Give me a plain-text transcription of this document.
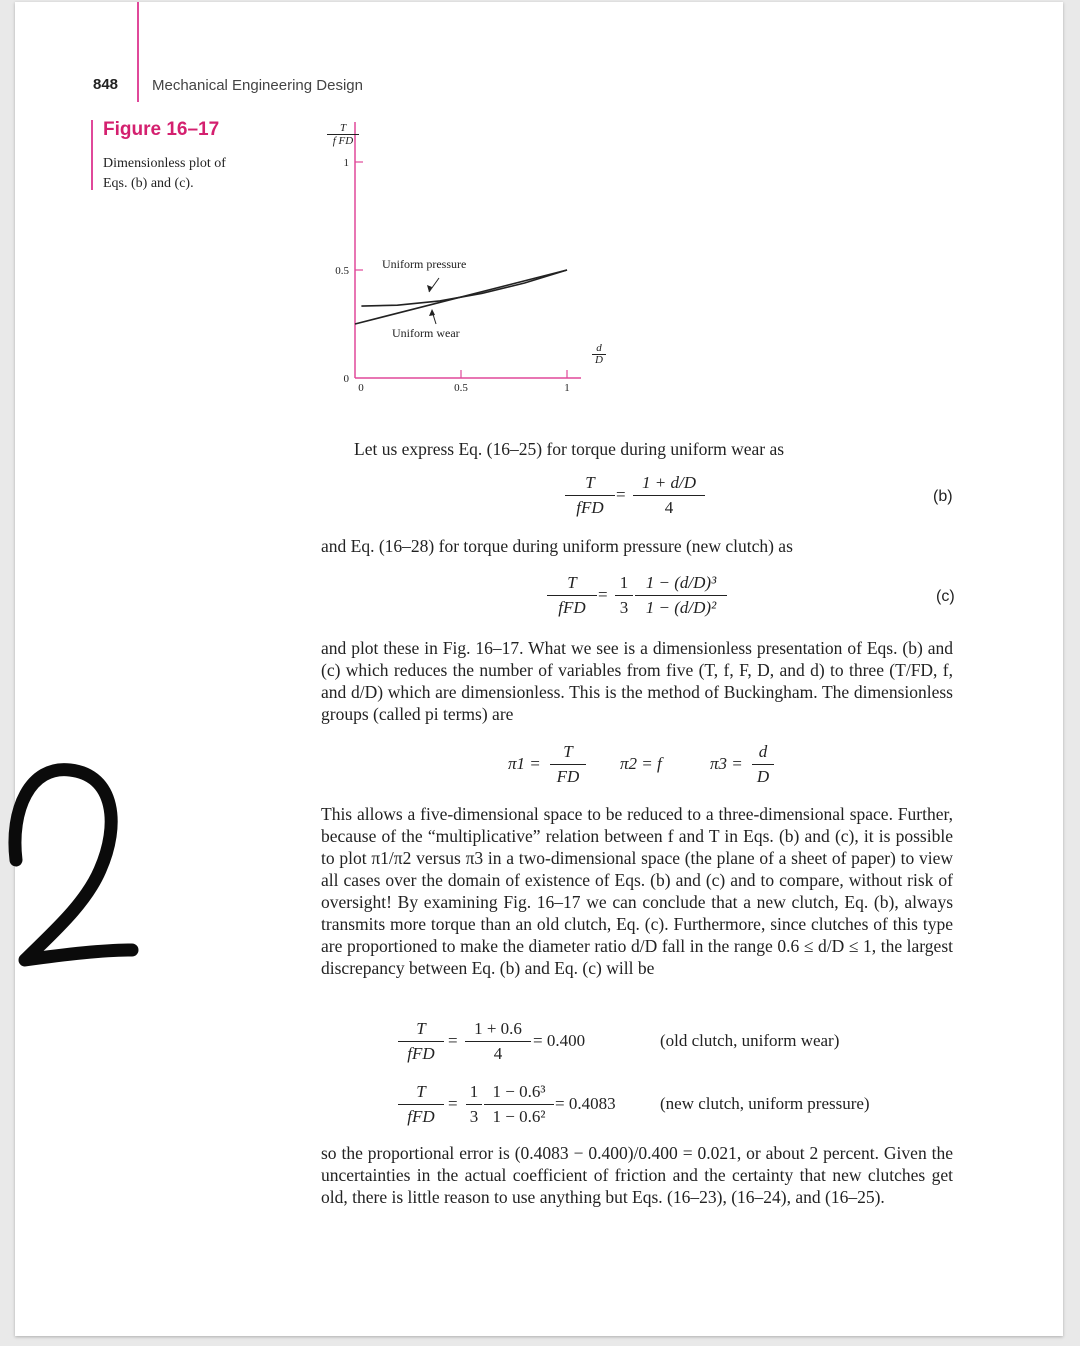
848 Mechanical Engineering Design
Figure 16–17
Dimensionless plot of
Eqs. (b) and (c).
0
0.5
1
0	0.5	1
$\frac{T}{\text{f FD}}$
$\frac{d}{D}$
Uniform pressure
Uniform wear
Let us express Eq. (16–25) for torque during uniform wear as
T
fFD
= $\frac{1 + d/D}{4}$	(b)
and Eq. (16–28) for torque during uniform pressure (new clutch) as
T
fFD
= $\frac{1}{3} \frac{\text{1 − (d/D)³}}{\text{1 − (d/D)²}}$	(c)
and plot these in Fig. 16–17. What we see is a dimensionless presentation of Eqs. (b) and (c) which reduces the number of variables from five (T, f, F, D, and d) to three (T/FD, f, and d/D) which are dimensionless. This is the method of Buckingham. The dimensionless groups (called pi terms) are
$\pi 1 = \frac{T}{FD} \pi 2 = f$	$\pi 3 = \frac{d}{D}$
This allows a five-dimensional space to be reduced to a three-dimensional space. Further, because of the “multiplicative” relation between f and T in Eqs. (b) and (c), it is possible to plot π1/π2 versus π3 in a two-dimensional space (the plane of a sheet of paper) to view all cases over the domain of existence of Eqs. (b) and (c) and to compare, without risk of oversight! By examining Fig. 16–17 we can conclude that a new clutch, Eq. (b), always transmits more torque than an old clutch, Eq. (c). Furthermore, since clutches of this type are proportioned to make the diameter ratio d/D fall in the range 0.6 ≤ d/D ≤ 1, the largest discrepancy between Eq. (b) and Eq. (c) will be
T
fFD
= $\frac{1 + 0.6}{4} = 0.400$	(old clutch, uniform wear)
T
fFD
= $\frac{1}{3} \frac{\text{1 − 0.6³}}{\text{1 − 0.6²}} = 0.4083$	(new clutch, uniform pressure)
so the proportional error is (0.4083 − 0.400)/0.400 = 0.021, or about 2 percent. Given the uncertainties in the actual coefficient of friction and the certainty that new clutches get old, there is little reason to use anything but Eqs. (16–23), (16–24), and (16–25).
